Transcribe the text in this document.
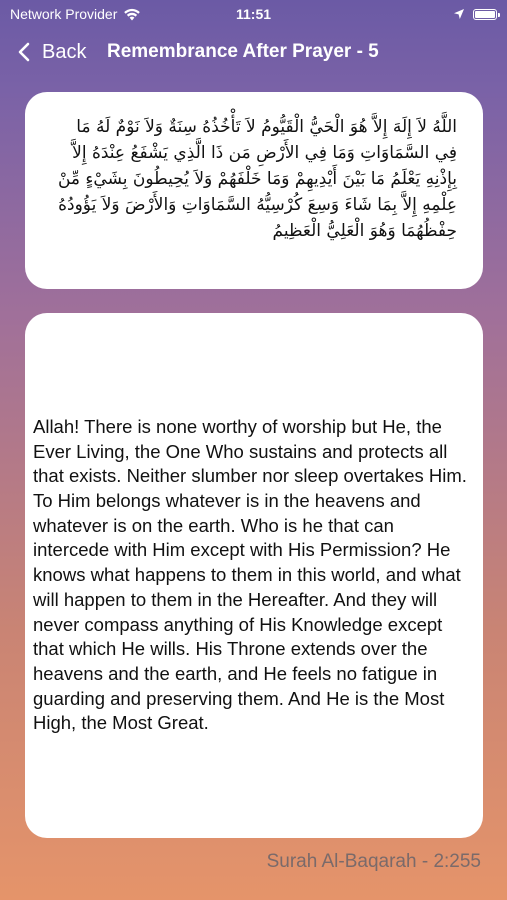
Network Provider	11:51
Back Remembrance After Prayer - 5
اللَّهُ لاَ إِلَهَ إِلاَّ هُوَ الْحَيُّ الْقَيُّومُ لاَ تَأْخُذُهُ سِنَةٌ وَلاَ نَوْمٌ لَهُ مَا فِي السَّمَاوَاتِ وَمَا فِي الأَرْضِ مَن ذَا الَّذِي يَشْفَعُ عِنْدَهُ إِلاَّ بِإِذْنِهِ يَعْلَمُ مَا بَيْنَ أَيْدِيهِمْ وَمَا خَلْفَهُمْ وَلاَ يُحِيطُونَ بِشَيْءٍ مِّنْ عِلْمِهِ إِلاَّ بِمَا شَاءَ وَسِعَ كُرْسِيُّهُ السَّمَاوَاتِ وَالأَرْضَ وَلاَ يَؤُودُهُ حِفْظُهُمَا وَهُوَ الْعَلِيُّ الْعَظِيمُ
Allah! There is none worthy of worship but He, the Ever Living, the One Who sustains and protects all that exists. Neither slumber nor sleep overtakes Him. To Him belongs whatever is in the heavens and whatever is on the earth. Who is he that can intercede with Him except with His Permission? He knows what happens to them in this world, and what will happen to them in the Hereafter. And they will never compass anything of His Knowledge except that which He wills. His Throne extends over the heavens and the earth, and He feels no fatigue in guarding and preserving them. And He is the Most High, the Most Great.
Surah Al-Baqarah - 2:255
